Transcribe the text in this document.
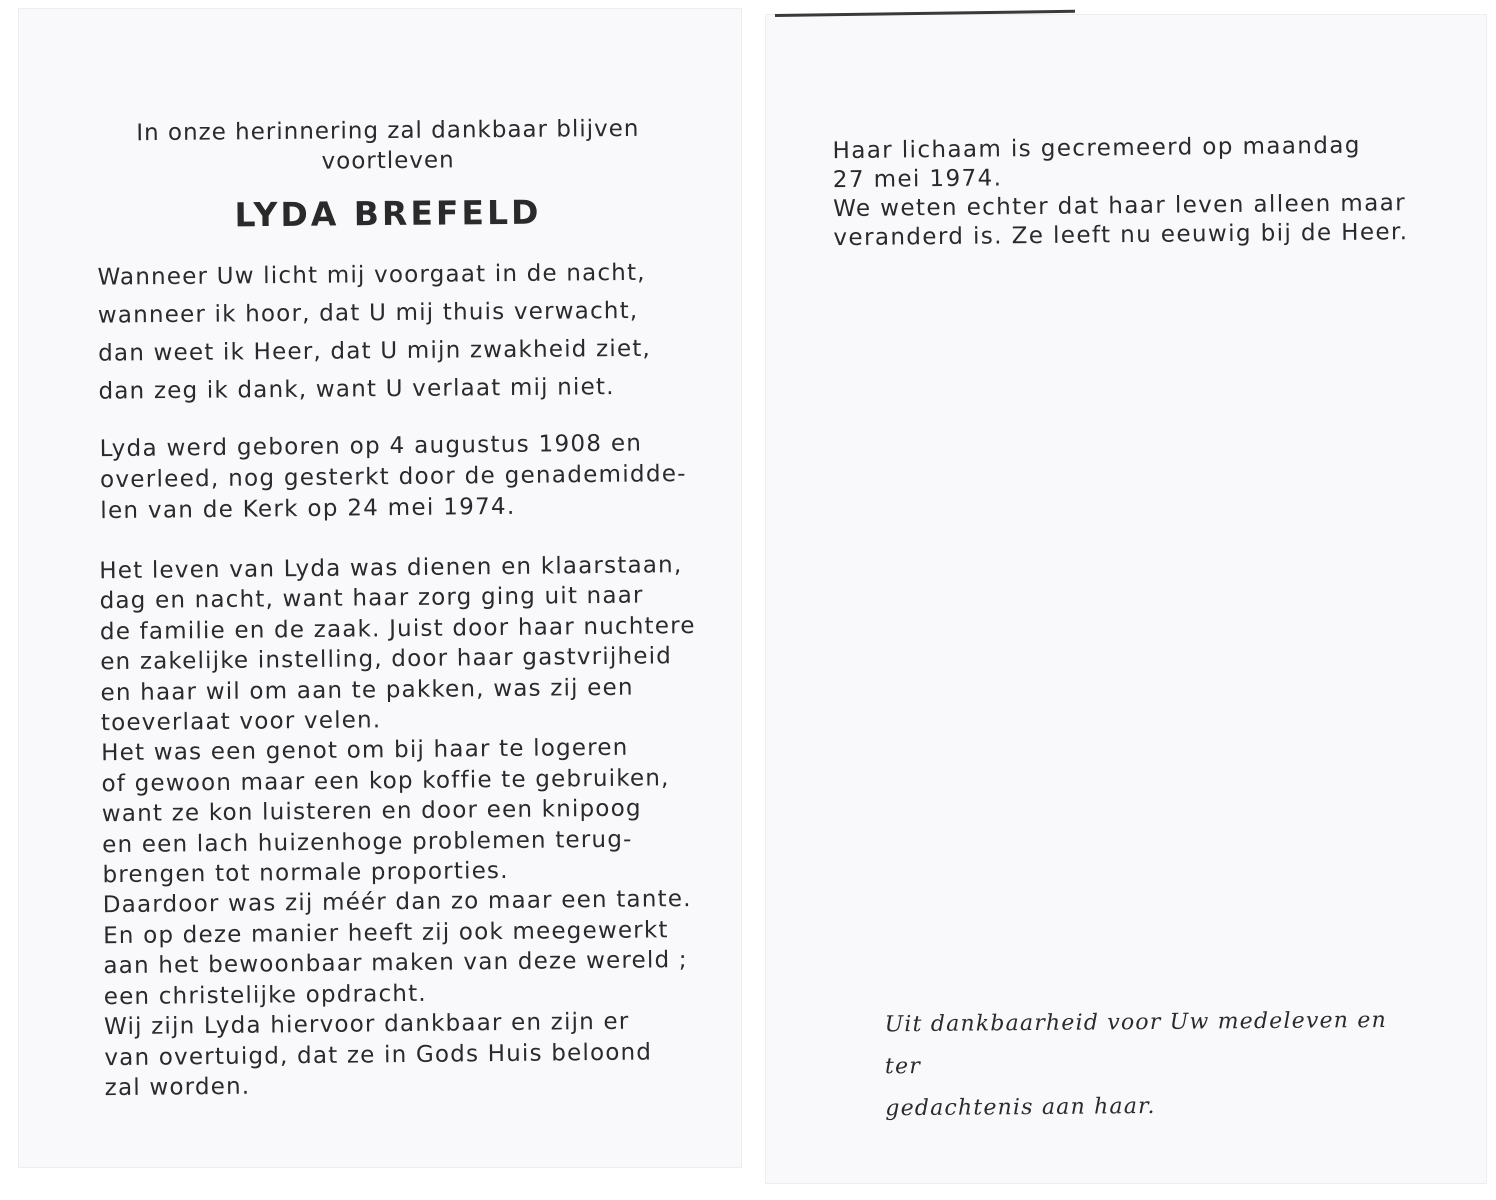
In onze herinnering zal dankbaar blijven
voortleven
LYDA BREFELD
Wanneer Uw licht mij voorgaat in de nacht,
wanneer ik hoor, dat U mij thuis verwacht,
dan weet ik Heer, dat U mijn zwakheid ziet,
dan zeg ik dank, want U verlaat mij niet.
Lyda werd geboren op 4 augustus 1908 en
overleed, nog gesterkt door de genademidde-
len van de Kerk op 24 mei 1974.
Het leven van Lyda was dienen en klaarstaan,
dag en nacht, want haar zorg ging uit naar
de familie en de zaak. Juist door haar nuchtere
en zakelijke instelling, door haar gastvrijheid
en haar wil om aan te pakken, was zij een
toeverlaat voor velen.
Het was een genot om bij haar te logeren
of gewoon maar een kop koffie te gebruiken,
want ze kon luisteren en door een knipoog
en een lach huizenhoge problemen terug-
brengen tot normale proporties.
Daardoor was zij méér dan zo maar een tante.
En op deze manier heeft zij ook meegewerkt
aan het bewoonbaar maken van deze wereld ;
een christelijke opdracht.
Wij zijn Lyda hiervoor dankbaar en zijn er
van overtuigd, dat ze in Gods Huis beloond
zal worden.
Haar lichaam is gecremeerd op maandag
27 mei 1974.
We weten echter dat haar leven alleen maar
veranderd is. Ze leeft nu eeuwig bij de Heer.
Uit dankbaarheid voor Uw medeleven en ter
gedachtenis aan haar.
